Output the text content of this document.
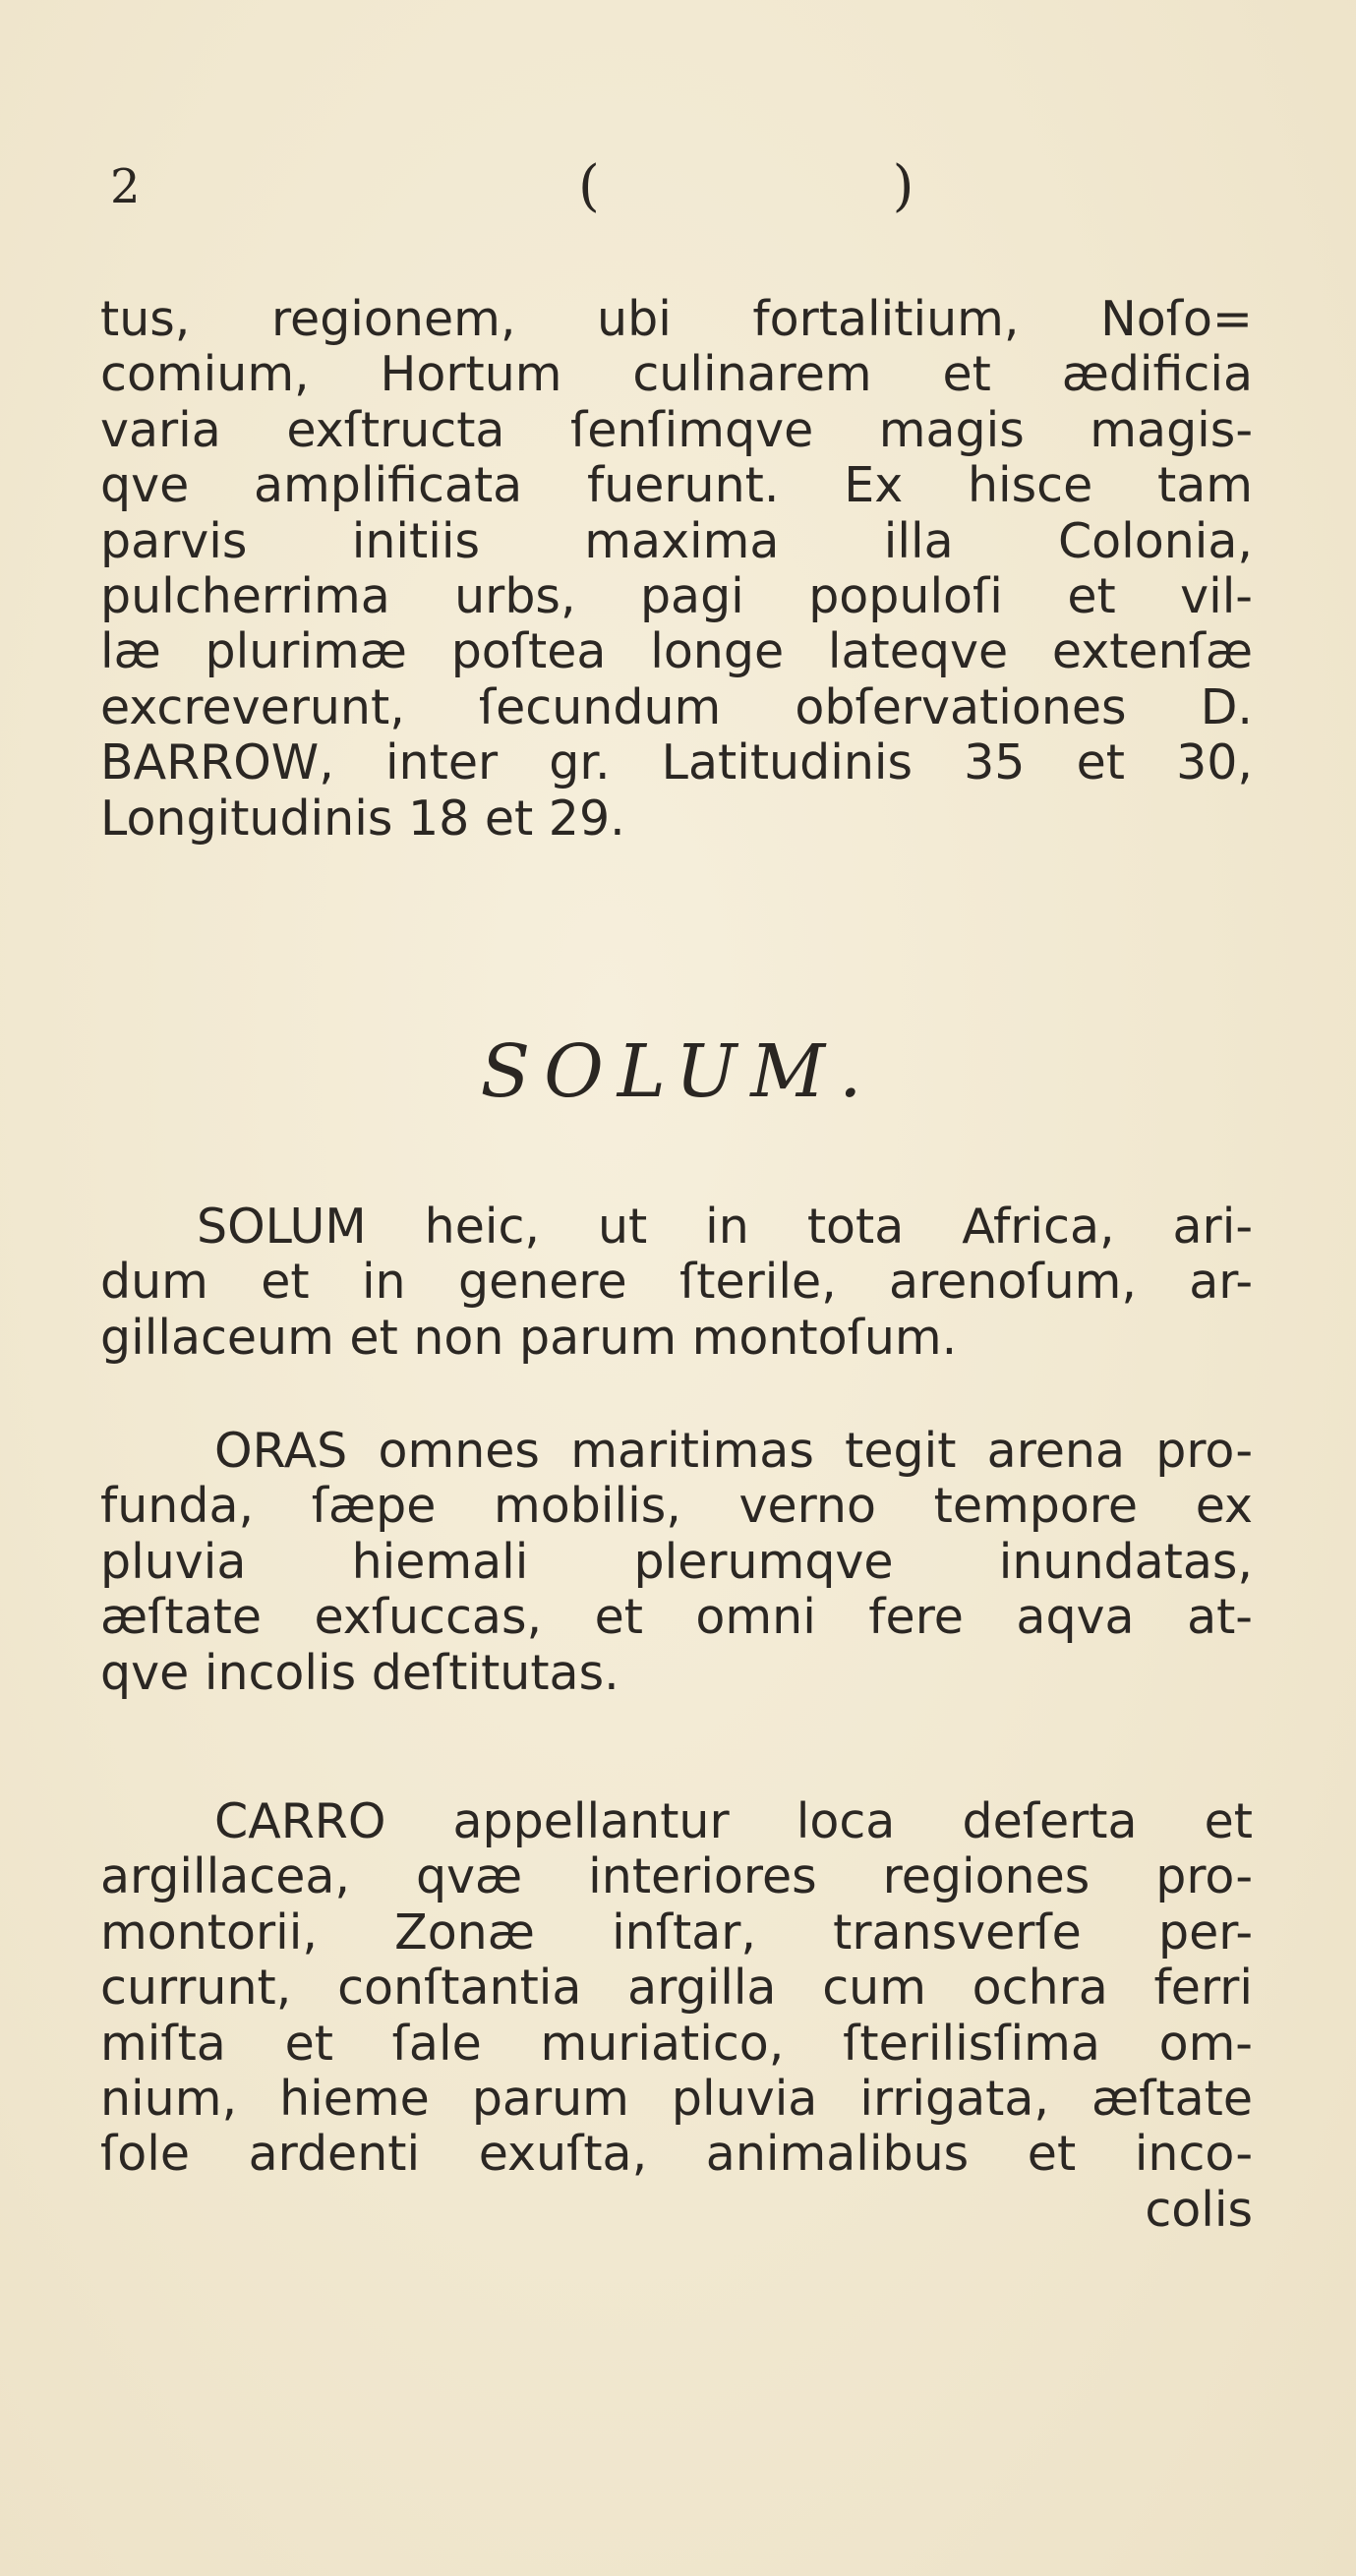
2	( )
tus, regionem, ubi fortalitium, Noſo=
comium, Hortum culinarem et ædificia
varia exſtructa ſenſimqve magis magis-
qve amplificata fuerunt. Ex hisce tam
parvis initiis maxima illa Colonia,
pulcherrima urbs, pagi populoſi et vil-
læ plurimæ poſtea longe lateqve extenſæ
excreverunt, ſecundum obſervationes D.
BARROW, inter gr. Latitudinis 35 et 30,
Longitudinis 18 et 29.
SOLUM.
SOLUM heic, ut in tota Africa, ari-
dum et in genere ſterile, arenoſum, ar-
gillaceum et non parum montoſum.
ORAS omnes maritimas tegit arena pro-
funda, ſæpe mobilis, verno tempore ex
pluvia hiemali plerumqve inundatas,
æſtate exſuccas, et omni fere aqva at-
qve incolis deſtitutas.
CARRO appellantur loca deſerta et
argillacea, qvæ interiores regiones pro-
montorii, Zonæ inſtar, transverſe per-
currunt, conſtantia argilla cum ochra ferri
miſta et ſale muriatico, ſterilisſima om-
nium, hieme parum pluvia irrigata, æſtate
ſole ardenti exuſta, animalibus et inco-
colis
